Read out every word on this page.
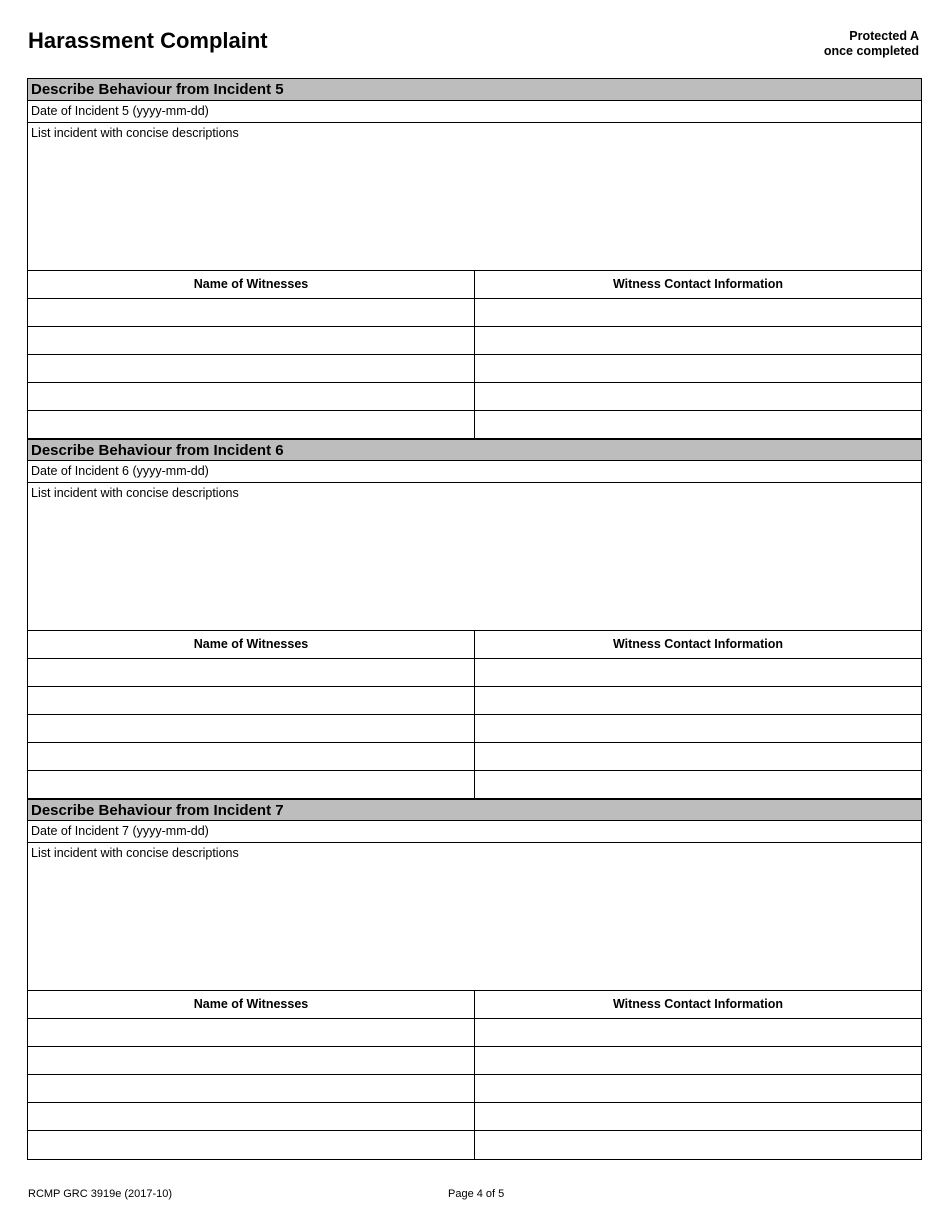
Harassment Complaint	Protected A
once completed
Describe Behaviour from Incident 5
Date of Incident 5 (yyyy-mm-dd)
List incident with concise descriptions
Name of Witnesses	Witness Contact Information
Describe Behaviour from Incident 6
Date of Incident 6 (yyyy-mm-dd)
List incident with concise descriptions
Name of Witnesses	Witness Contact Information
Describe Behaviour from Incident 7
Date of Incident 7 (yyyy-mm-dd)
List incident with concise descriptions
Name of Witnesses	Witness Contact Information
RCMP GRC 3919e (2017-10)	Page 4 of 5
